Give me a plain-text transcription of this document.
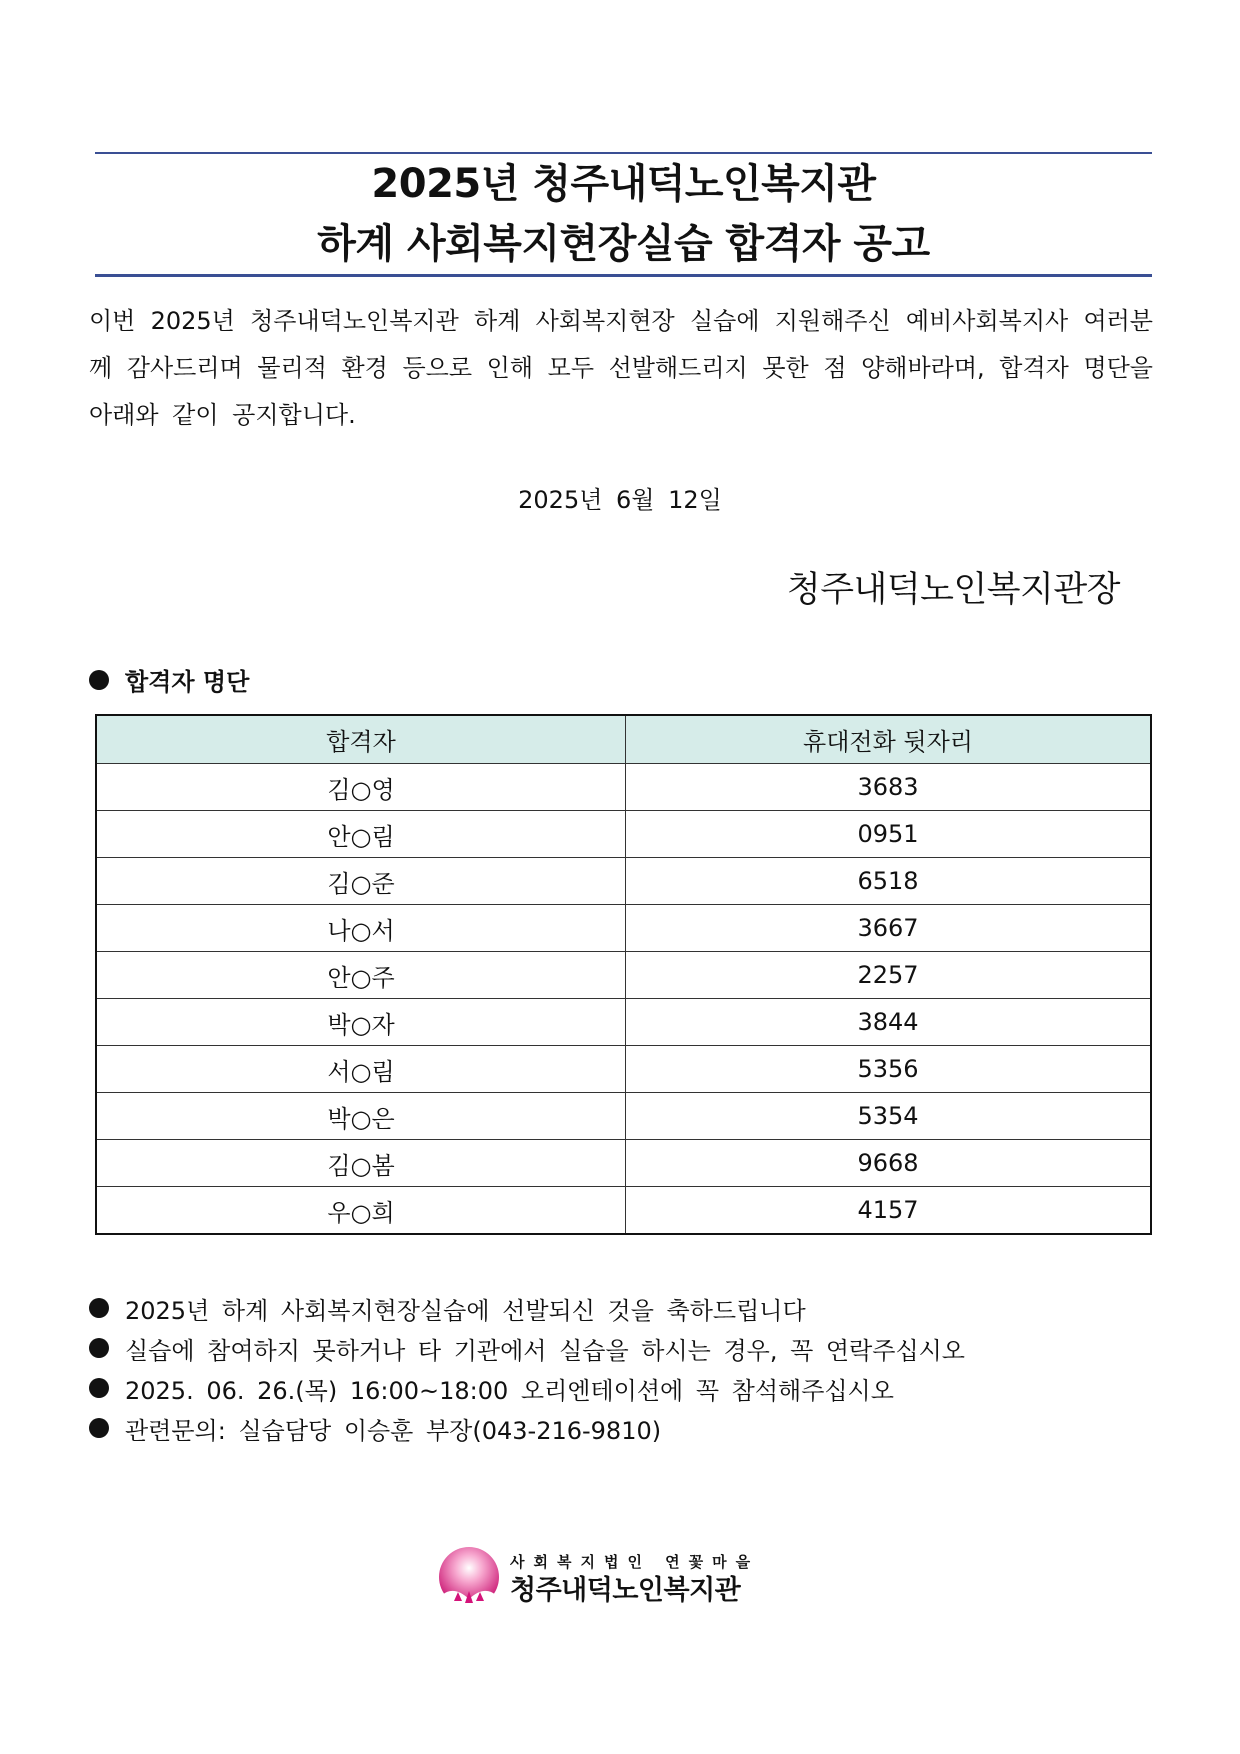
2025년 청주내덕노인복지관
하계 사회복지현장실습 합격자 공고

이번 2025년 청주내덕노인복지관 하계 사회복지현장 실습에 지원해주신 예비사회복지사 여러분께 감사드리며 물리적 환경 등으로 인해 모두 선발해드리지 못한 점 양해바라며, 합격자 명단을 아래와 같이 공지합니다.

2025년 6월 12일
청주내덕노인복지관장
합격자 명단
합격자	휴대전화 뒷자리
김○영	3683
안○림	0951
김○준	6518
나○서	3667
안○주	2257
박○자	3844
서○림	5356
박○은	5354
김○봄	9668
우○희	4157
2025년 하계 사회복지현장실습에 선발되신 것을 축하드립니다
실습에 참여하지 못하거나 타 기관에서 실습을 하시는 경우, 꼭 연락주십시오
2025. 06. 26.(목) 16:00~18:00 오리엔테이션에 꼭 참석해주십시오
관련문의: 실습담당 이승훈 부장(043-216-9810)
사회복지법인 연꽃마을
청주내덕노인복지관
